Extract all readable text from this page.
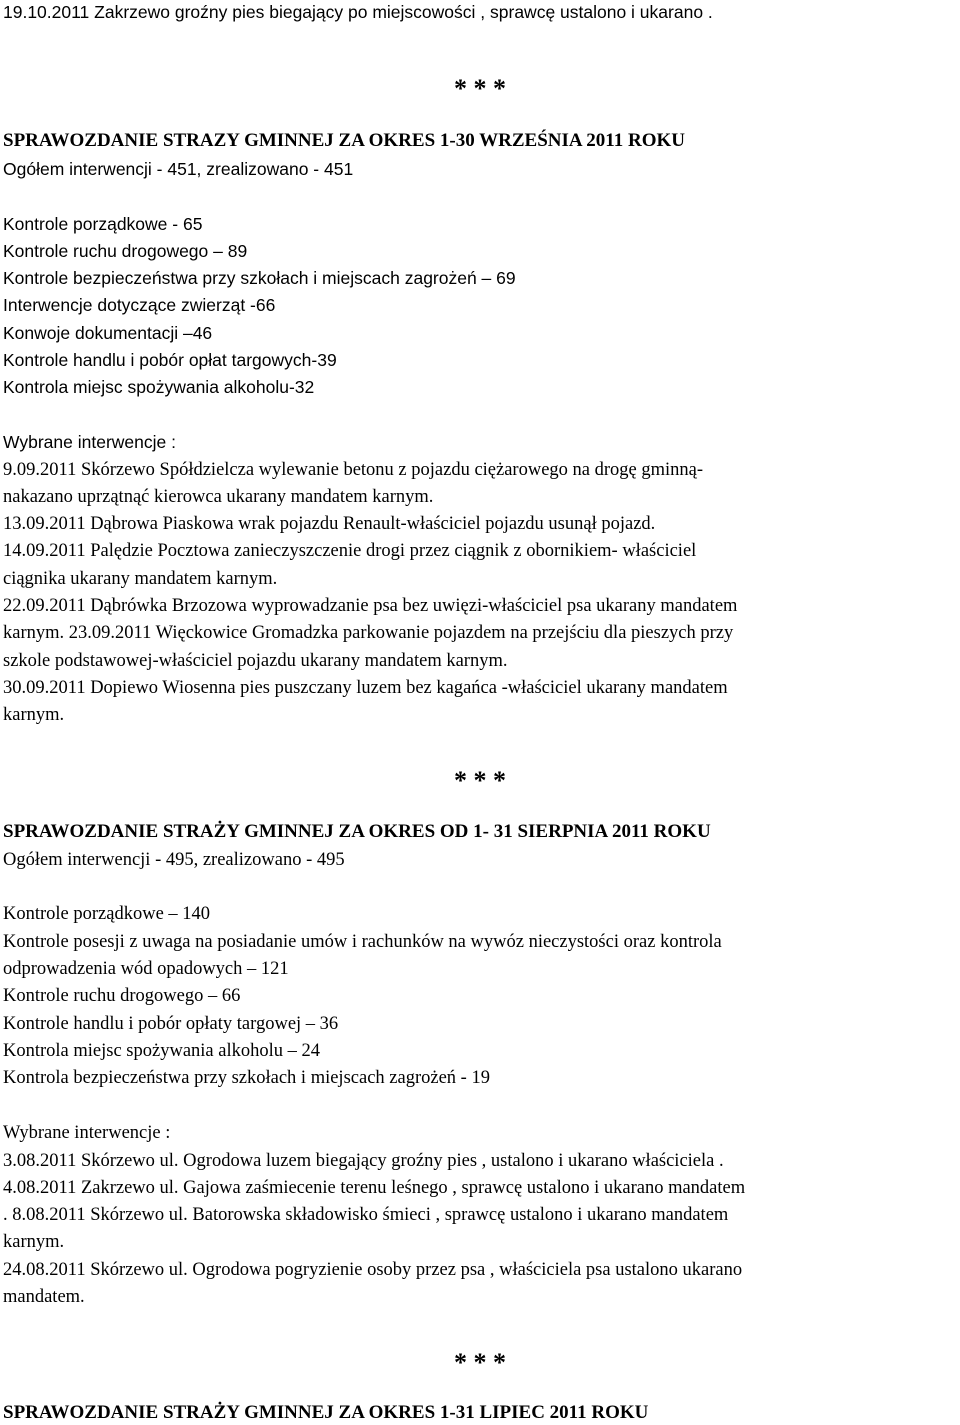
19.10.2011 Zakrzewo groźny pies biegający po miejscowości , sprawcę ustalono i ukarano .
* * *
SPRAWOZDANIE STRAZY GMINNEJ ZA OKRES 1-30 WRZEŚNIA 2011 ROKU
Ogółem interwencji - 451, zrealizowano - 451
Kontrole porządkowe - 65
Kontrole ruchu drogowego – 89
Kontrole bezpieczeństwa przy szkołach i miejscach zagrożeń – 69
Interwencje dotyczące zwierząt -66
Konwoje dokumentacji –46
Kontrole handlu i pobór opłat targowych-39
Kontrola miejsc spożywania alkoholu-32
Wybrane interwencje :
9.09.2011 Skórzewo Spółdzielcza wylewanie betonu z pojazdu ciężarowego na drogę gminną-
nakazano uprzątnąć kierowca ukarany mandatem karnym.
13.09.2011 Dąbrowa Piaskowa wrak pojazdu Renault-właściciel pojazdu usunął pojazd.
14.09.2011 Palędzie Pocztowa zanieczyszczenie drogi przez ciągnik z obornikiem- właściciel
ciągnika ukarany mandatem karnym.
22.09.2011 Dąbrówka Brzozowa wyprowadzanie psa bez uwięzi-właściciel psa ukarany mandatem
karnym. 23.09.2011 Więckowice Gromadzka parkowanie pojazdem na przejściu dla pieszych przy
szkole podstawowej-właściciel pojazdu ukarany mandatem karnym.
30.09.2011 Dopiewo Wiosenna pies puszczany luzem bez kagańca -właściciel ukarany mandatem
karnym.
* * *
SPRAWOZDANIE STRAŻY GMINNEJ ZA OKRES OD 1- 31 SIERPNIA 2011 ROKU
Ogółem interwencji - 495, zrealizowano - 495
Kontrole porządkowe – 140
Kontrole posesji z uwaga na posiadanie umów i rachunków na wywóz nieczystości oraz kontrola
odprowadzenia wód opadowych – 121
Kontrole ruchu drogowego – 66
Kontrole handlu i pobór opłaty targowej – 36
Kontrola miejsc spożywania alkoholu – 24
Kontrola bezpieczeństwa przy szkołach i miejscach zagrożeń - 19
Wybrane interwencje :
3.08.2011 Skórzewo ul. Ogrodowa luzem biegający groźny pies , ustalono i ukarano właściciela .
4.08.2011 Zakrzewo ul. Gajowa zaśmiecenie terenu leśnego , sprawcę ustalono i ukarano mandatem
. 8.08.2011 Skórzewo ul. Batorowska składowisko śmieci , sprawcę ustalono i ukarano mandatem
karnym.
24.08.2011 Skórzewo ul. Ogrodowa pogryzienie osoby przez psa , właściciela psa ustalono ukarano
mandatem.
* * *
SPRAWOZDANIE STRAŻY GMINNEJ ZA OKRES 1-31 LIPIEC 2011 ROKU
